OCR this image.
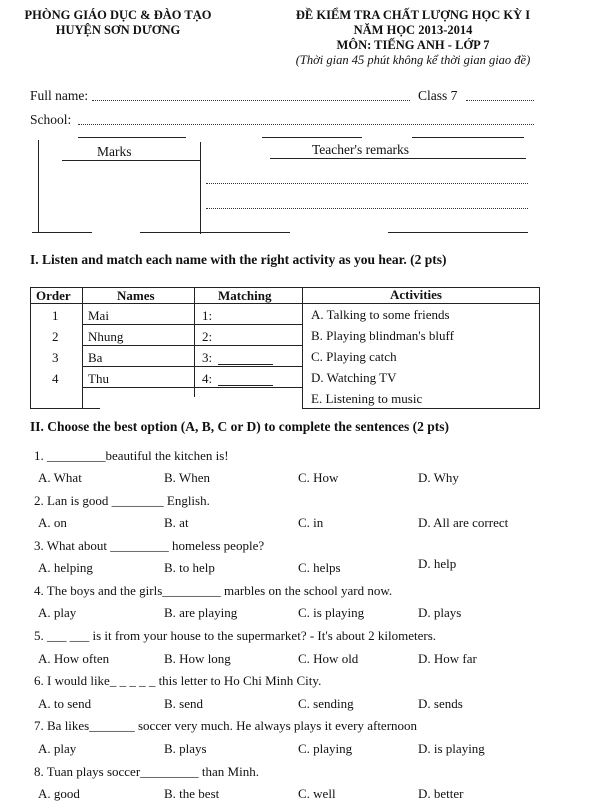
PHÒNG GIÁO DỤC & ĐÀO TẠO
HUYỆN SƠN DƯƠNG
ĐỀ KIỂM TRA CHẤT LƯỢNG HỌC KỲ I
NĂM HỌC 2013-2014
MÔN: TIẾNG ANH - LỚP 7
(Thời gian 45 phút không kể thời gian giao đề)
Full name:	Class 7
School:
Marks	Teacher's remarks
I. Listen and match each name with the right activity as you hear. (2 pts)
Order	Names	Matching	Activities
1 Mai	1:
2 Nhung	2:
3 Ba	3:
4 Thu	4:
A. Talking to some friends
B. Playing blindman's bluff
C. Playing catch
D. Watching TV
E. Listening to music
II. Choose the best option (A, B, C or D) to complete the sentences (2 pts)
1. _________beautiful the kitchen is!
A. What	B. When	C. How	D. Why
2. Lan is good ________ English.
A. on	B. at	C. in	D. All are correct
3. What about _________ homeless people?
A. helping	B. to help	C. helps	D. help
4. The boys and the girls_________ marbles on the school yard now.
A. play	B. are playing	C. is playing	D. plays
5. ___ ___ is it from your house to the supermarket? - It's about 2 kilometers.
A. How often	B. How long	C. How old	D. How far
6. I would like_ _ _ _ _ this letter to Ho Chi Minh City.
A. to send	B. send	C. sending	D. sends
7. Ba likes_______ soccer very much. He always plays it every afternoon
A. play	B. plays	C. playing	D. is playing
8. Tuan plays soccer_________ than Minh.
A. good	B. the best	C. well	D. better
